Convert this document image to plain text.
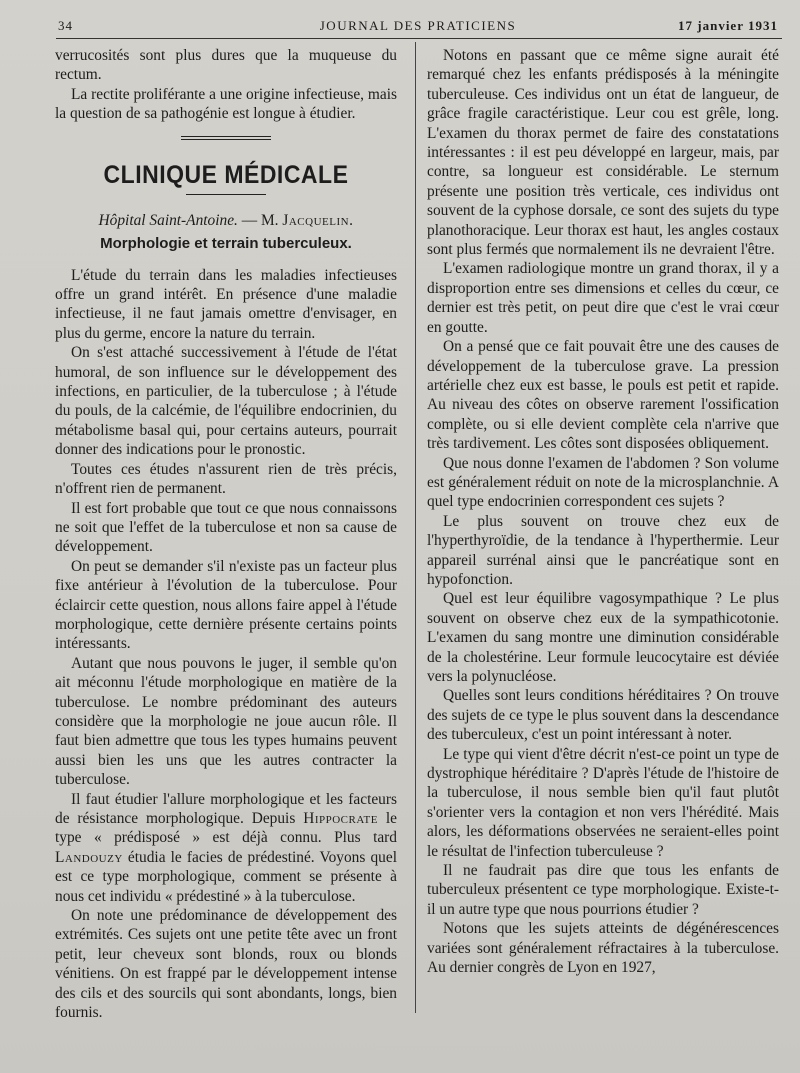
34	JOURNAL DES PRATICIENS	17 janvier 1931

verrucosités sont plus dures que la muqueuse du rectum.

La rectite proliférante a une origine infectieuse, mais la question de sa pathogénie est longue à étudier.

CLINIQUE MÉDICALE
Hôpital Saint-Antoine. — M. Jacquelin.
Morphologie et terrain tuberculeux.

L'étude du terrain dans les maladies infectieuses offre un grand intérêt. En présence d'une maladie infectieuse, il ne faut jamais omettre d'envisager, en plus du germe, encore la nature du terrain.

On s'est attaché successivement à l'étude de l'état humoral, de son influence sur le développement des infections, en particulier, de la tuberculose ; à l'étude du pouls, de la calcémie, de l'équilibre endocrinien, du métabolisme basal qui, pour certains auteurs, pourrait donner des indications pour le pronostic.

Toutes ces études n'assurent rien de très précis, n'offrent rien de permanent.

Il est fort probable que tout ce que nous connaissons ne soit que l'effet de la tuberculose et non sa cause de développement.

On peut se demander s'il n'existe pas un facteur plus fixe antérieur à l'évolution de la tuberculose. Pour éclaircir cette question, nous allons faire appel à l'étude morphologique, cette dernière présente certains points intéressants.

Autant que nous pouvons le juger, il semble qu'on ait méconnu l'étude morphologique en matière de la tuberculose. Le nombre prédominant des auteurs considère que la morphologie ne joue aucun rôle. Il faut bien admettre que tous les types humains peuvent aussi bien les uns que les autres contracter la tuberculose.

Il faut étudier l'allure morphologique et les facteurs de résistance morphologique. Depuis Hippocrate le type « prédisposé » est déjà connu. Plus tard Landouzy étudia le facies de prédestiné. Voyons quel est ce type morphologique, comment se présente à nous cet individu « prédestiné » à la tuberculose.

On note une prédominance de développement des extrémités. Ces sujets ont une petite tête avec un front petit, leur cheveux sont blonds, roux ou blonds vénitiens. On est frappé par le développement intense des cils et des sourcils qui sont abondants, longs, bien fournis.

Notons en passant que ce même signe aurait été remarqué chez les enfants prédisposés à la méningite tuberculeuse. Ces individus ont un état de langueur, de grâce fragile caractéristique. Leur cou est grêle, long. L'examen du thorax permet de faire des constatations intéressantes : il est peu développé en largeur, mais, par contre, sa longueur est considérable. Le sternum présente une position très verticale, ces individus ont souvent de la cyphose dorsale, ce sont des sujets du type planothoracique. Leur thorax est haut, les angles costaux sont plus fermés que normalement ils ne devraient l'être.

L'examen radiologique montre un grand thorax, il y a disproportion entre ses dimensions et celles du cœur, ce dernier est très petit, on peut dire que c'est le vrai cœur en goutte.

On a pensé que ce fait pouvait être une des causes de développement de la tuberculose grave. La pression artérielle chez eux est basse, le pouls est petit et rapide. Au niveau des côtes on observe rarement l'ossification complète, ou si elle devient complète cela n'arrive que très tardivement. Les côtes sont disposées obliquement.

Que nous donne l'examen de l'abdomen ? Son volume est généralement réduit on note de la microsplanchnie. A quel type endocrinien correspondent ces sujets ?

Le plus souvent on trouve chez eux de l'hyperthyroïdie, de la tendance à l'hyperthermie. Leur appareil surrénal ainsi que le pancréatique sont en hypofonction.

Quel est leur équilibre vagosympathique ? Le plus souvent on observe chez eux de la sympathicotonie. L'examen du sang montre une diminution considérable de la cholestérine. Leur formule leucocytaire est déviée vers la polynucléose.

Quelles sont leurs conditions héréditaires ? On trouve des sujets de ce type le plus souvent dans la descendance des tuberculeux, c'est un point intéressant à noter.

Le type qui vient d'être décrit n'est-ce point un type de dystrophique héréditaire ? D'après l'étude de l'histoire de la tuberculose, il nous semble bien qu'il faut plutôt s'orienter vers la contagion et non vers l'hérédité. Mais alors, les déformations observées ne seraient-elles point le résultat de l'infection tuberculeuse ?

Il ne faudrait pas dire que tous les enfants de tuberculeux présentent ce type morphologique. Existe-t-il un autre type que nous pourrions étudier ?

Notons que les sujets atteints de dégénérescences variées sont généralement réfractaires à la tuberculose. Au dernier congrès de Lyon en 1927,
